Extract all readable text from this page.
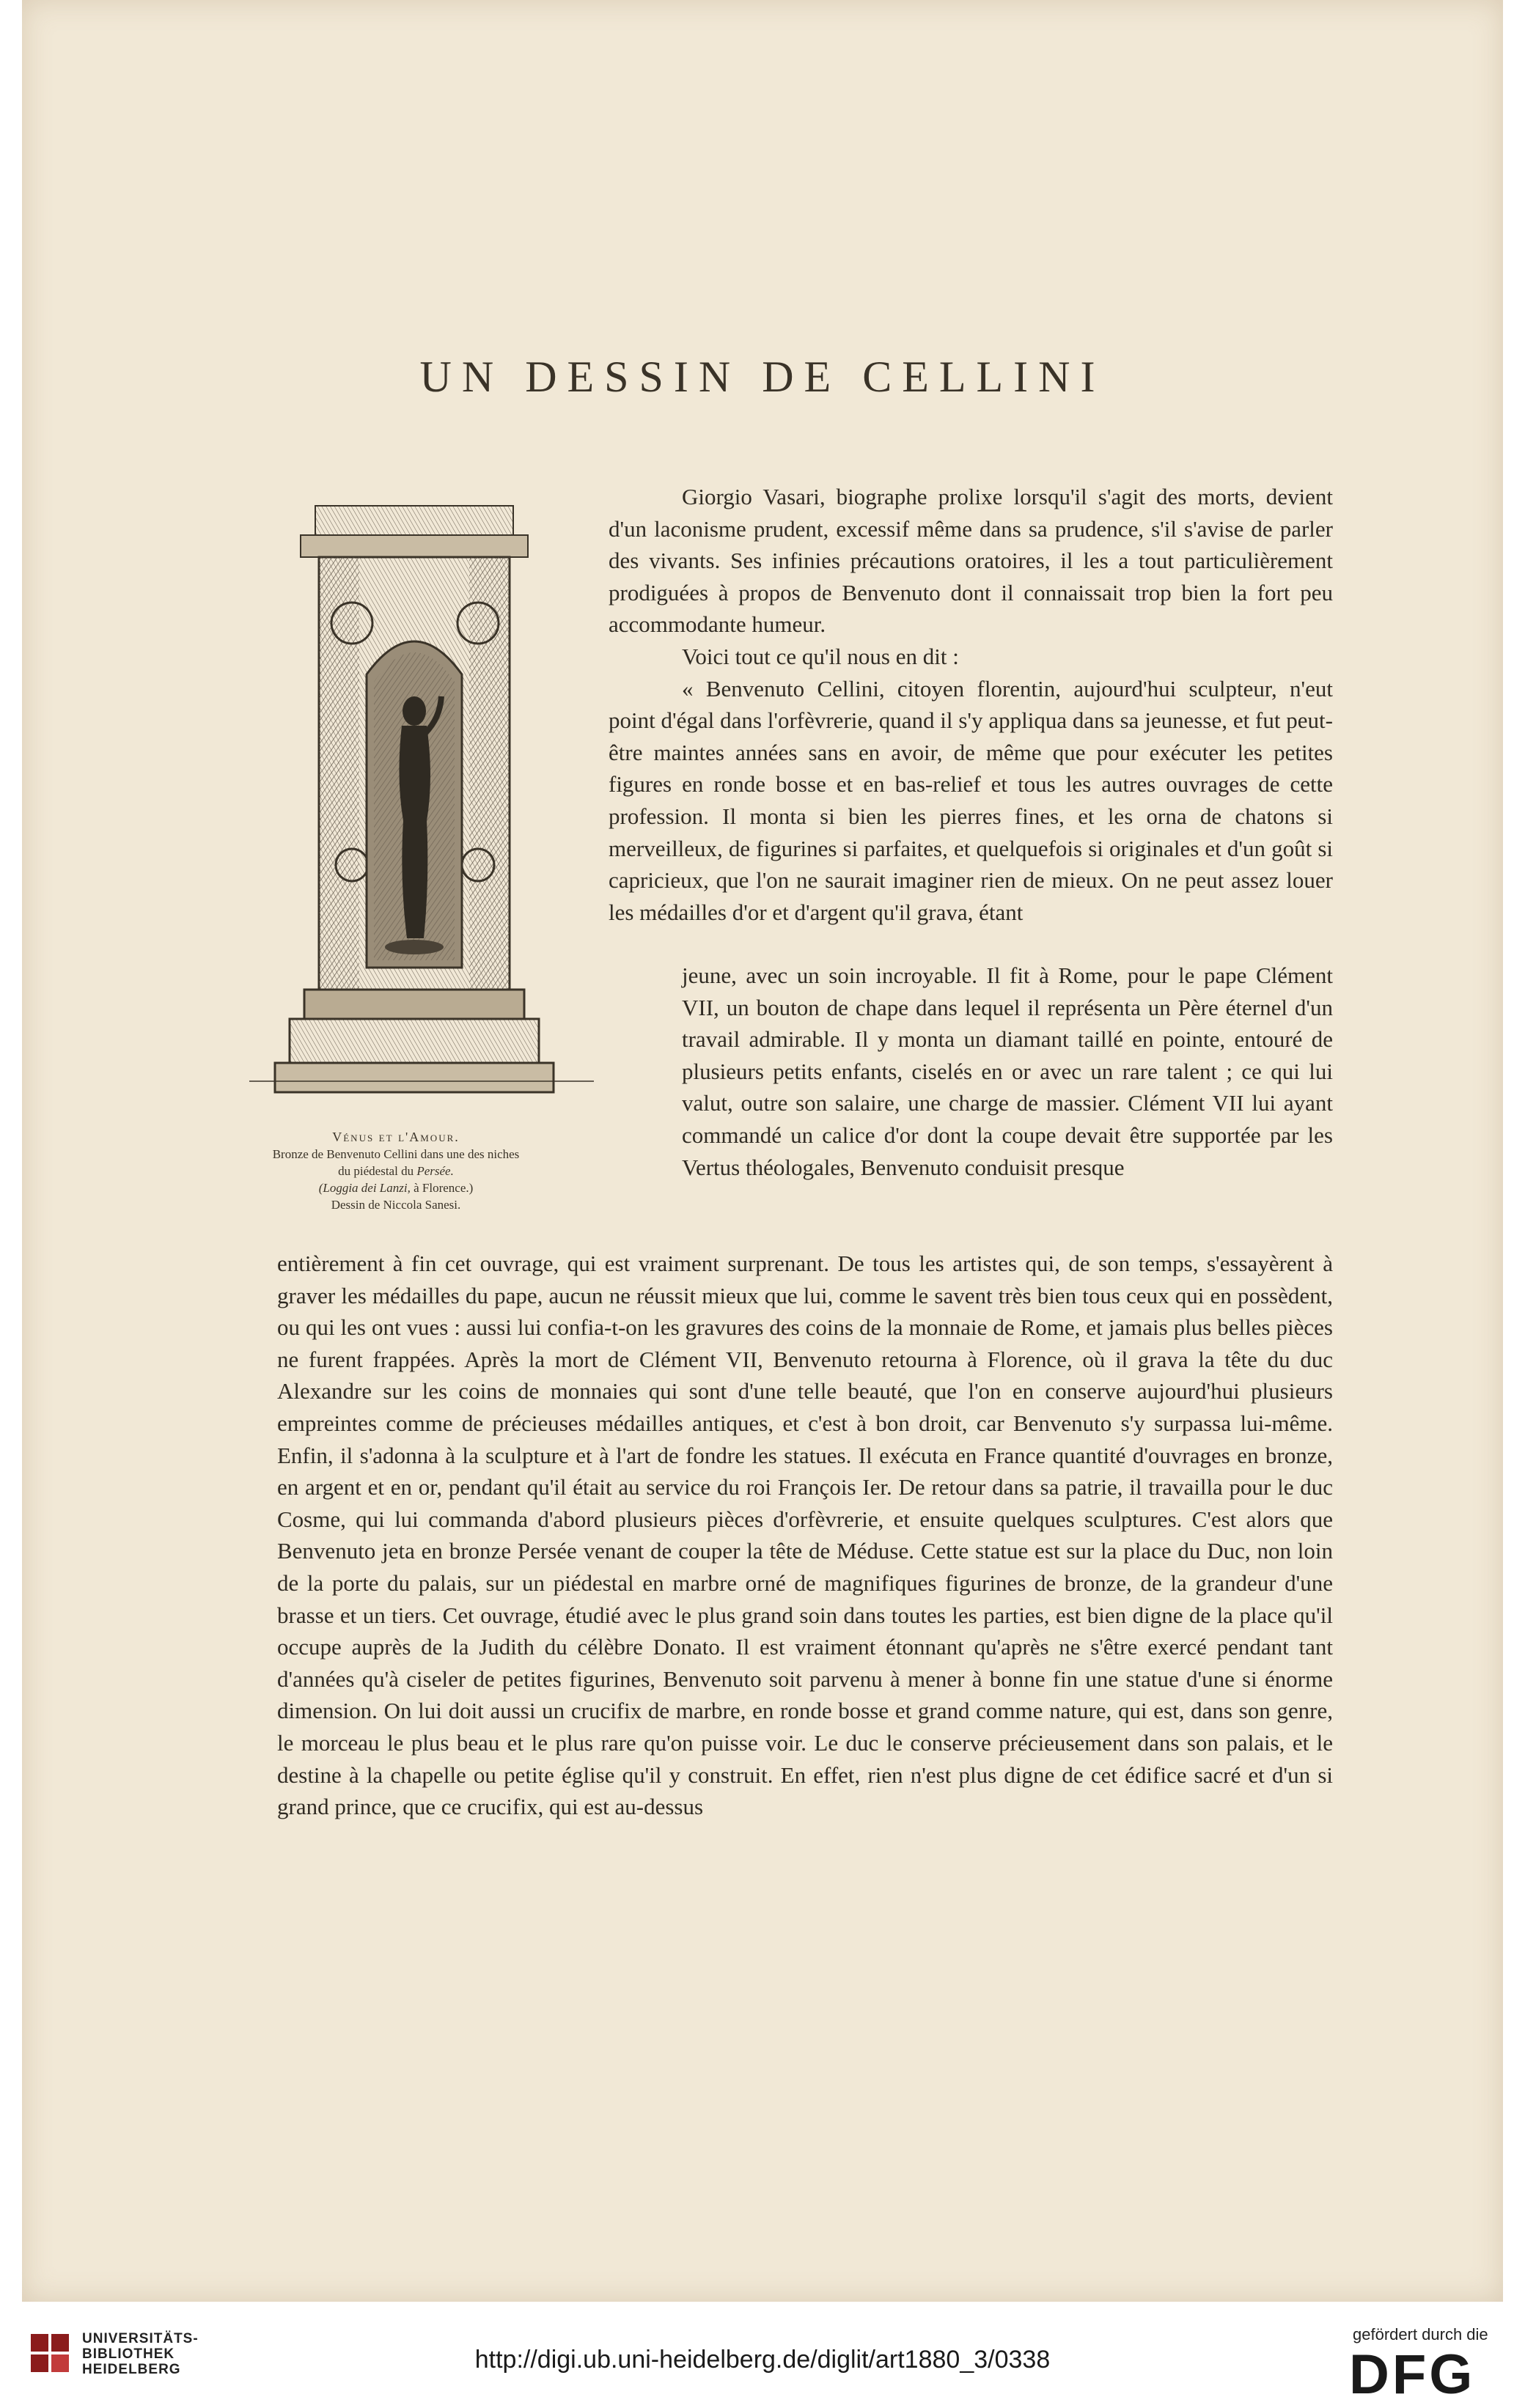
UN DESSIN DE CELLINI
Vénus et l'Amour.
Bronze de Benvenuto Cellini dans une des niches
du piédestal du Persée.
(Loggia dei Lanzi, à Florence.)
Dessin de Niccola Sanesi.

Giorgio Vasari, biographe prolixe lorsqu'il s'agit des morts, devient d'un laconisme prudent, excessif même dans sa prudence, s'il s'avise de parler des vivants. Ses infinies précautions oratoires, il les a tout particulièrement prodiguées à propos de Benvenuto dont il connaissait trop bien la fort peu accommodante humeur.

Voici tout ce qu'il nous en dit :

« Benvenuto Cellini, citoyen florentin, aujourd'hui sculpteur, n'eut point d'égal dans l'orfèvrerie, quand il s'y appliqua dans sa jeunesse, et fut peut-être maintes années sans en avoir, de même que pour exécuter les petites figures en ronde bosse et en bas-relief et tous les autres ouvrages de cette profession. Il monta si bien les pierres fines, et les orna de chatons si merveilleux, de figurines si parfaites, et quelquefois si originales et d'un goût si capricieux, que l'on ne saurait imaginer rien de mieux. On ne peut assez louer les médailles d'or et d'argent qu'il grava, étant

jeune, avec un soin incroyable. Il fit à Rome, pour le pape Clément VII, un bouton de chape dans lequel il représenta un Père éternel d'un travail admirable. Il y monta un diamant taillé en pointe, entouré de plusieurs petits enfants, ciselés en or avec un rare talent ; ce qui lui valut, outre son salaire, une charge de massier. Clément VII lui ayant commandé un calice d'or dont la coupe devait être supportée par les Vertus théologales, Benvenuto conduisit presque

entièrement à fin cet ouvrage, qui est vraiment surprenant. De tous les artistes qui, de son temps, s'essayèrent à graver les médailles du pape, aucun ne réussit mieux que lui, comme le savent très bien tous ceux qui en possèdent, ou qui les ont vues : aussi lui confia-t-on les gravures des coins de la monnaie de Rome, et jamais plus belles pièces ne furent frappées. Après la mort de Clément VII, Benvenuto retourna à Florence, où il grava la tête du duc Alexandre sur les coins de monnaies qui sont d'une telle beauté, que l'on en conserve aujourd'hui plusieurs empreintes comme de précieuses médailles antiques, et c'est à bon droit, car Benvenuto s'y surpassa lui-même. Enfin, il s'adonna à la sculpture et à l'art de fondre les statues. Il exécuta en France quantité d'ouvrages en bronze, en argent et en or, pendant qu'il était au service du roi François Ier. De retour dans sa patrie, il travailla pour le duc Cosme, qui lui commanda d'abord plusieurs pièces d'orfèvrerie, et ensuite quelques sculptures. C'est alors que Benvenuto jeta en bronze Persée venant de couper la tête de Méduse. Cette statue est sur la place du Duc, non loin de la porte du palais, sur un piédestal en marbre orné de magnifiques figurines de bronze, de la grandeur d'une brasse et un tiers. Cet ouvrage, étudié avec le plus grand soin dans toutes les parties, est bien digne de la place qu'il occupe auprès de la Judith du célèbre Donato. Il est vraiment étonnant qu'après ne s'être exercé pendant tant d'années qu'à ciseler de petites figurines, Benvenuto soit parvenu à mener à bonne fin une statue d'une si énorme dimension. On lui doit aussi un crucifix de marbre, en ronde bosse et grand comme nature, qui est, dans son genre, le morceau le plus beau et le plus rare qu'on puisse voir. Le duc le conserve précieusement dans son palais, et le destine à la chapelle ou petite église qu'il y construit. En effet, rien n'est plus digne de cet édifice sacré et d'un si grand prince, que ce crucifix, qui est au-dessus

UNIVERSITÄTS-
BIBLIOTHEK
HEIDELBERG	http://digi.ub.uni-heidelberg.de/diglit/art1880_3/0338
gefördert durch die
DFG
